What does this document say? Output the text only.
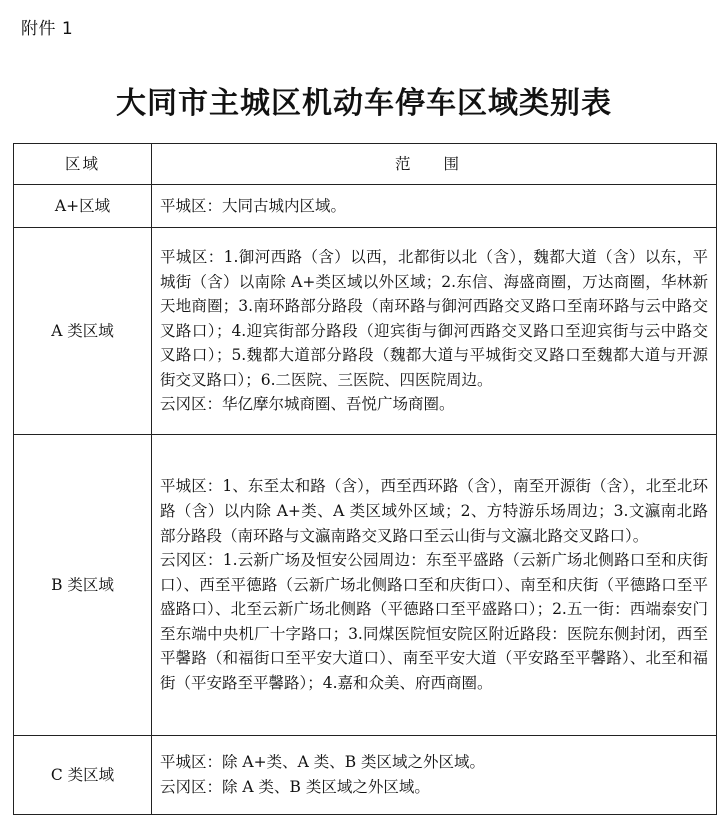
附件 1
大同市主城区机动车停车区域类别表
区域	范 围
A+区域	平城区：大同古城内区域。

A 类区域	平城区：1.御河西路（含）以西，北都街以北（含），魏都大道（含）以东，平城街（含）以南除 A+类区域以外区域；2.东信、海盛商圈，万达商圈，华林新天地商圈；3.南环路部分路段（南环路与御河西路交叉路口至南环路与云中路交叉路口）；4.迎宾街部分路段（迎宾街与御河西路交叉路口至迎宾街与云中路交叉路口）；5.魏都大道部分路段（魏都大道与平城街交叉路口至魏都大道与开源街交叉路口）；6.二医院、三医院、四医院周边。

云冈区：华亿摩尔城商圈、吾悦广场商圈。

B 类区域	平城区：1、东至太和路（含），西至西环路（含），南至开源街（含），北至北环路（含）以内除 A+类、A 类区域外区域；2、方特游乐场周边；3.文瀛南北路部分路段（南环路与文瀛南路交叉路口至云山街与文瀛北路交叉路口）。

云冈区：1.云新广场及恒安公园周边：东至平盛路（云新广场北侧路口至和庆街口）、西至平德路（云新广场北侧路口至和庆街口）、南至和庆街（平德路口至平盛路口）、北至云新广场北侧路（平德路口至平盛路口）；2.五一街：西端泰安门至东端中央机厂十字路口；3.同煤医院恒安院区附近路段：医院东侧封闭，西至平馨路（和福街口至平安大道口）、南至平安大道（平安路至平馨路）、北至和福街（平安路至平馨路）；4.嘉和众美、府西商圈。

C 类区域	平城区：除 A+类、A 类、B 类区域之外区域。

云冈区：除 A 类、B 类区域之外区域。
